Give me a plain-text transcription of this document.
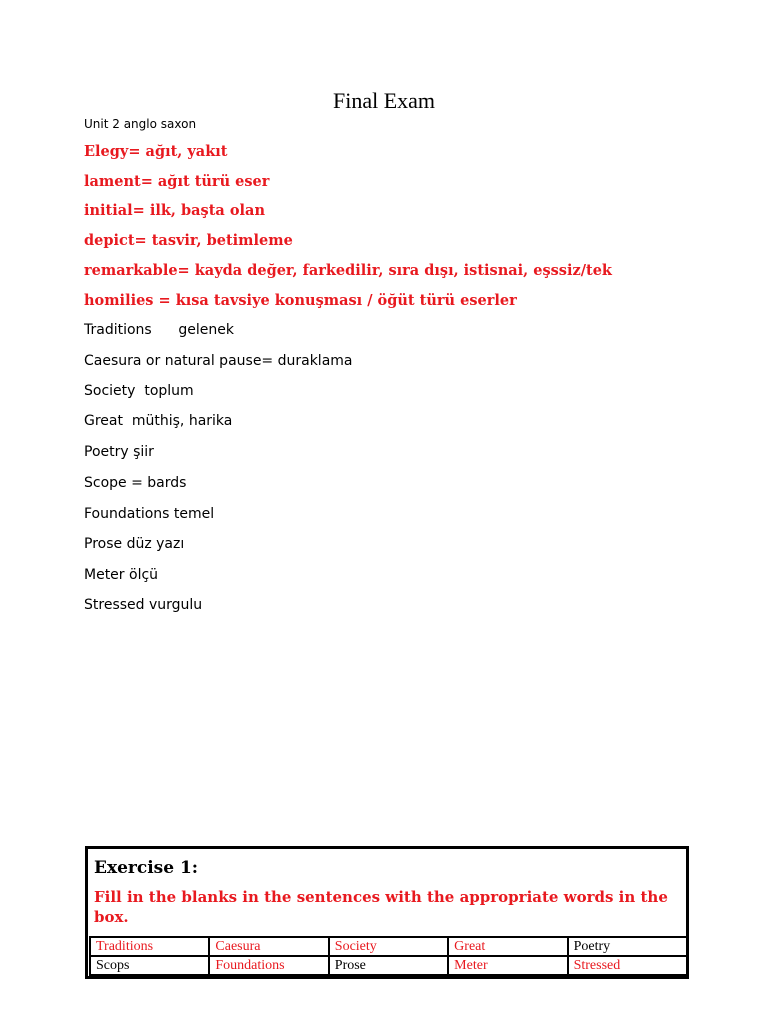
Final Exam
Unit 2 anglo saxon
Elegy= ağıt, yakıt
lament= ağıt türü eser
initial= ilk, başta olan
depict= tasvir, betimleme
remarkable= kayda değer, farkedilir, sıra dışı, istisnai, eşssiz/tek
homilies = kısa tavsiye konuşması / öğüt türü eserler
Traditions      gelenek
Caesura or natural pause= duraklama
Society  toplum
Great  müthiş, harika
Poetry şiir
Scope = bards
Foundations temel
Prose düz yazı
Meter ölçü
Stressed vurgulu
Exercise 1:
Fill in the blanks in the sentences with the appropriate words in the box.
Traditions	Caesura	Society	Great	Poetry
Scops	Foundations	Prose	Meter	Stressed
